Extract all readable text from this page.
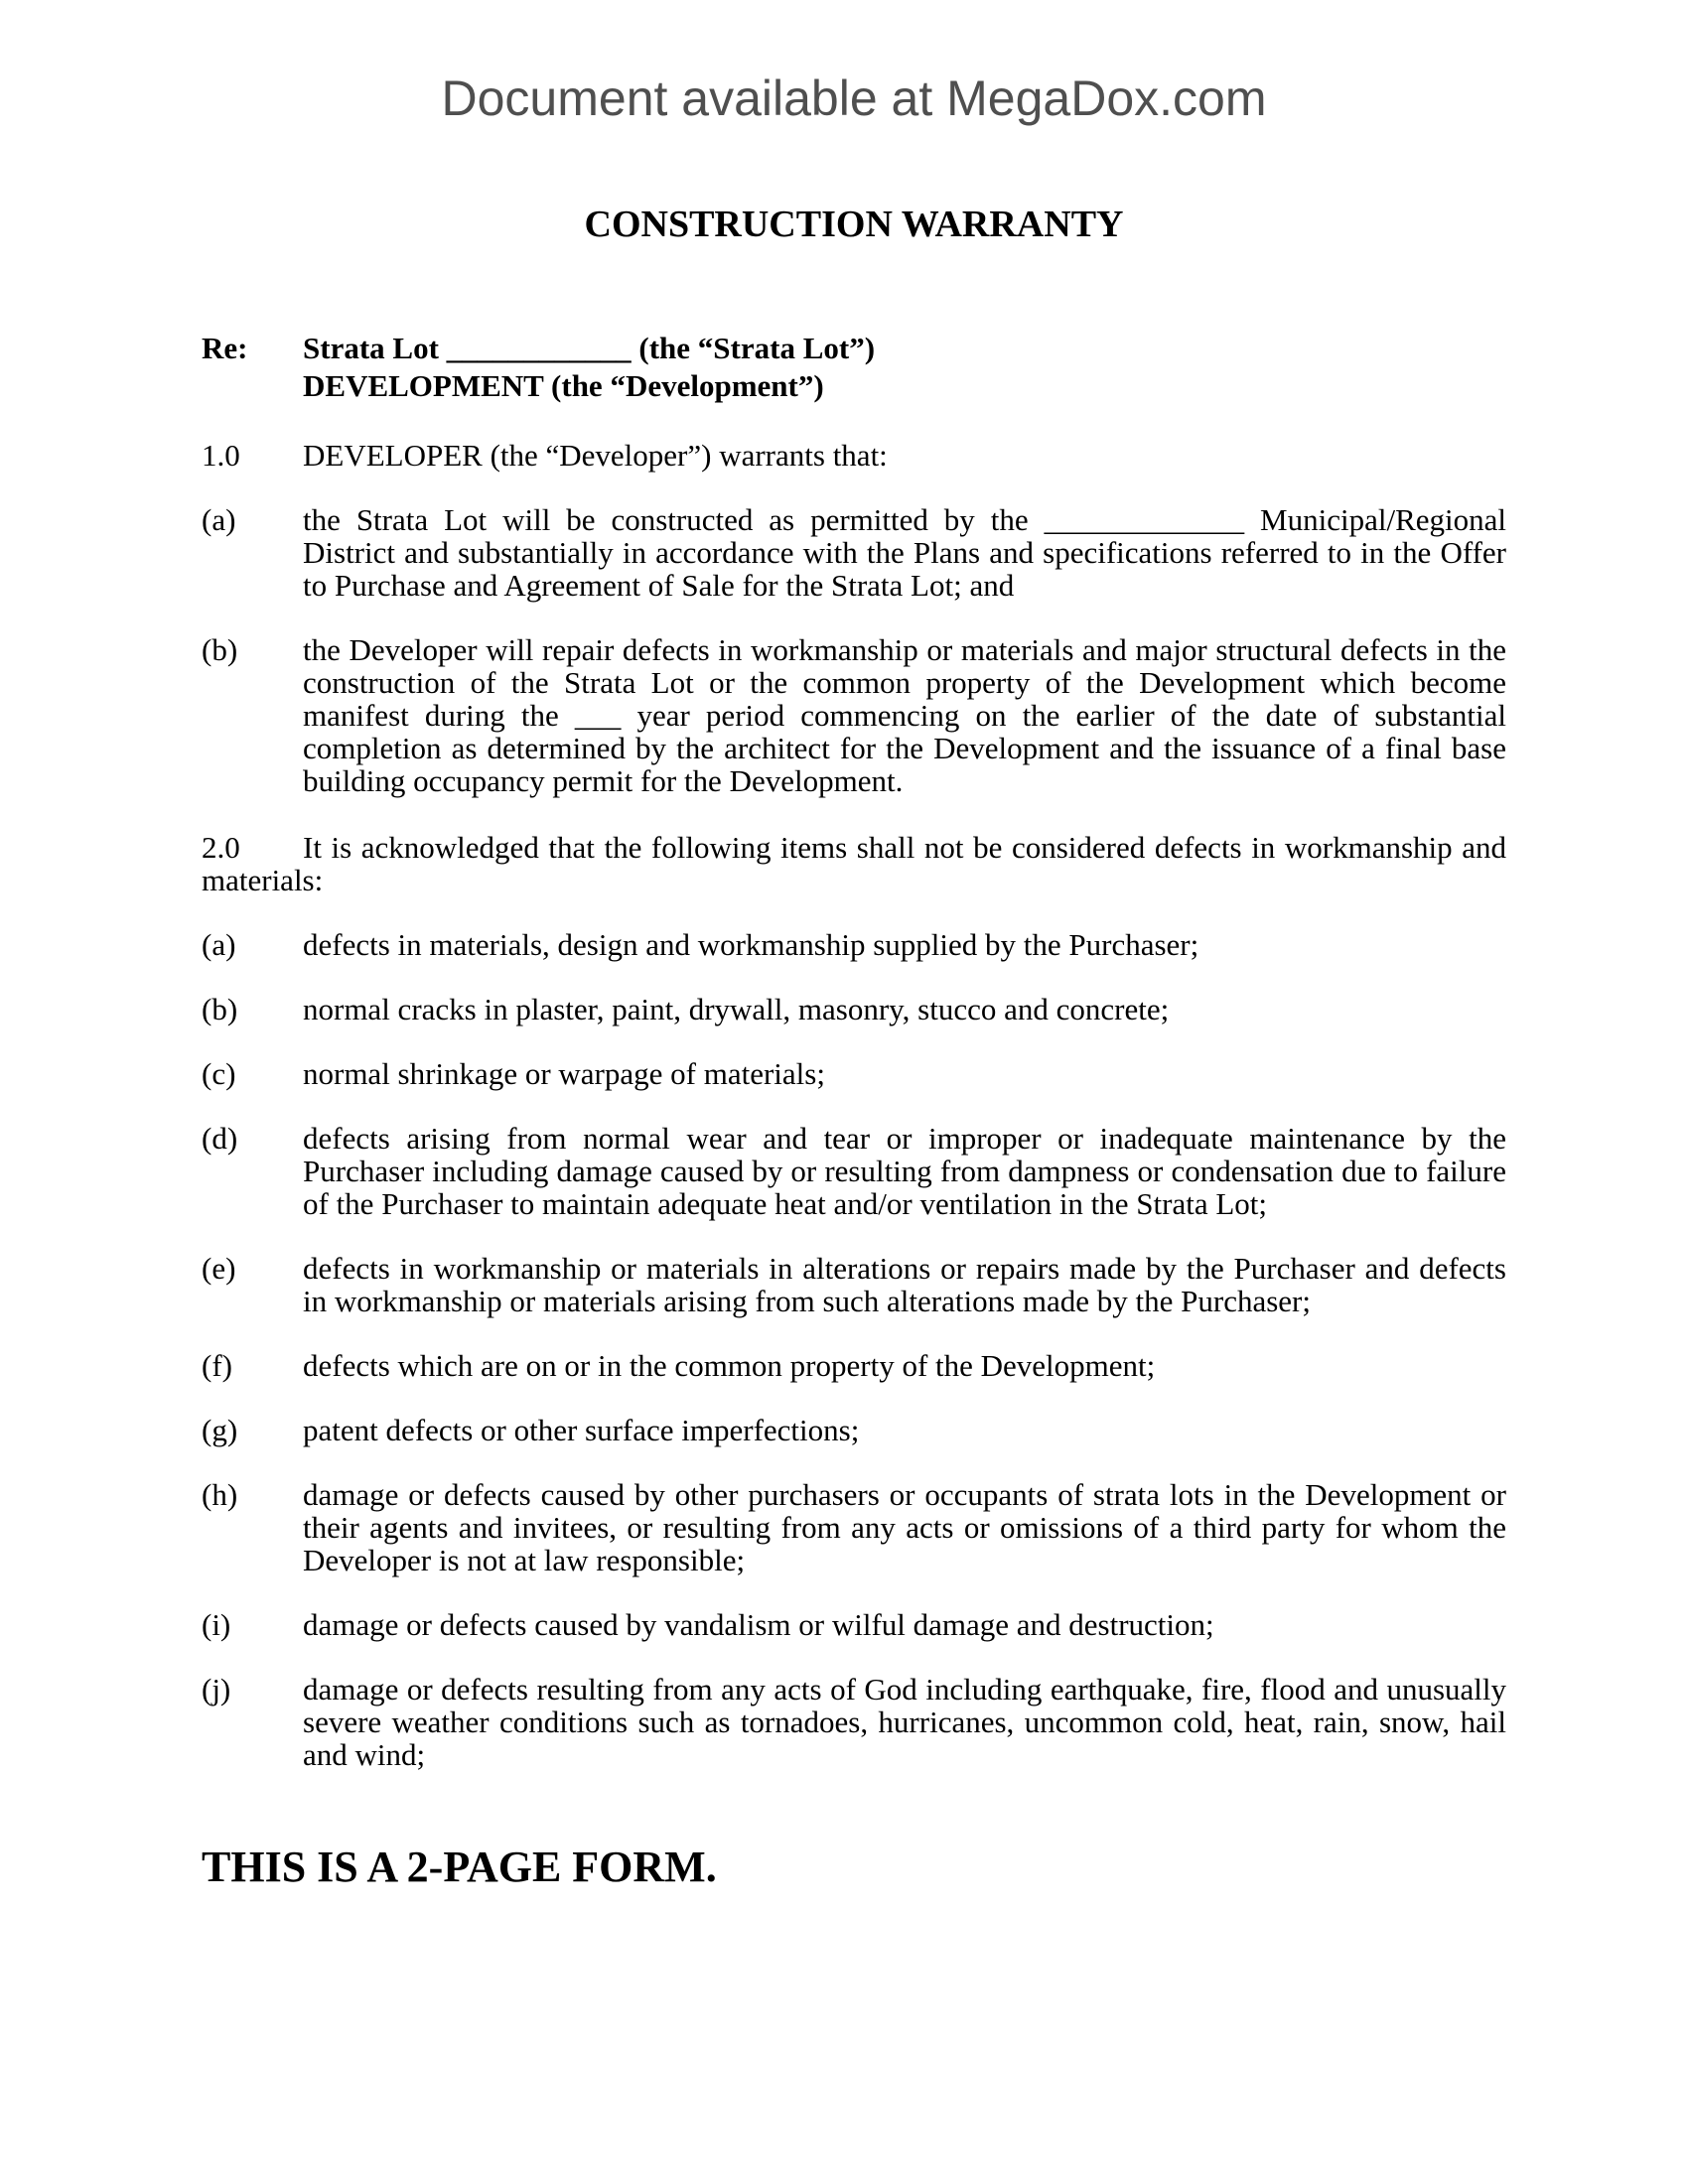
Document available at MegaDox.com

CONSTRUCTION WARRANTY
Re: Strata Lot ____________ (the “Strata Lot”)

DEVELOPMENT (the “Development”)

1.0 DEVELOPER (the “Developer”) warrants that:

(a) the Strata Lot will be constructed as permitted by the _____________ Municipal/Regional District and substantially in accordance with the Plans and specifications referred to in the Offer to Purchase and Agreement of Sale for the Strata Lot; and

(b) the Developer will repair defects in workmanship or materials and major structural defects in the construction of the Strata Lot or the common property of the Development which become manifest during the ___ year period commencing on the earlier of the date of substantial completion as determined by the architect for the Development and the issuance of a final base building occupancy permit for the Development.

2.0 It is acknowledged that the following items shall not be considered defects in workmanship and materials:

(a) defects in materials, design and workmanship supplied by the Purchaser;

(b) normal cracks in plaster, paint, drywall, masonry, stucco and concrete;

(c) normal shrinkage or warpage of materials;

(d) defects arising from normal wear and tear or improper or inadequate maintenance by the Purchaser including damage caused by or resulting from dampness or condensation due to failure of the Purchaser to maintain adequate heat and/or ventilation in the Strata Lot;

(e) defects in workmanship or materials in alterations or repairs made by the Purchaser and defects in workmanship or materials arising from such alterations made by the Purchaser;

(f) defects which are on or in the common property of the Development;

(g) patent defects or other surface imperfections;

(h) damage or defects caused by other purchasers or occupants of strata lots in the Development or their agents and invitees, or resulting from any acts or omissions of a third party for whom the Developer is not at law responsible;

(i) damage or defects caused by vandalism or wilful damage and destruction;

(j) damage or defects resulting from any acts of God including earthquake, fire, flood and unusually severe weather conditions such as tornadoes, hurricanes, uncommon cold, heat, rain, snow, hail and wind;

THIS IS A 2-PAGE FORM.
